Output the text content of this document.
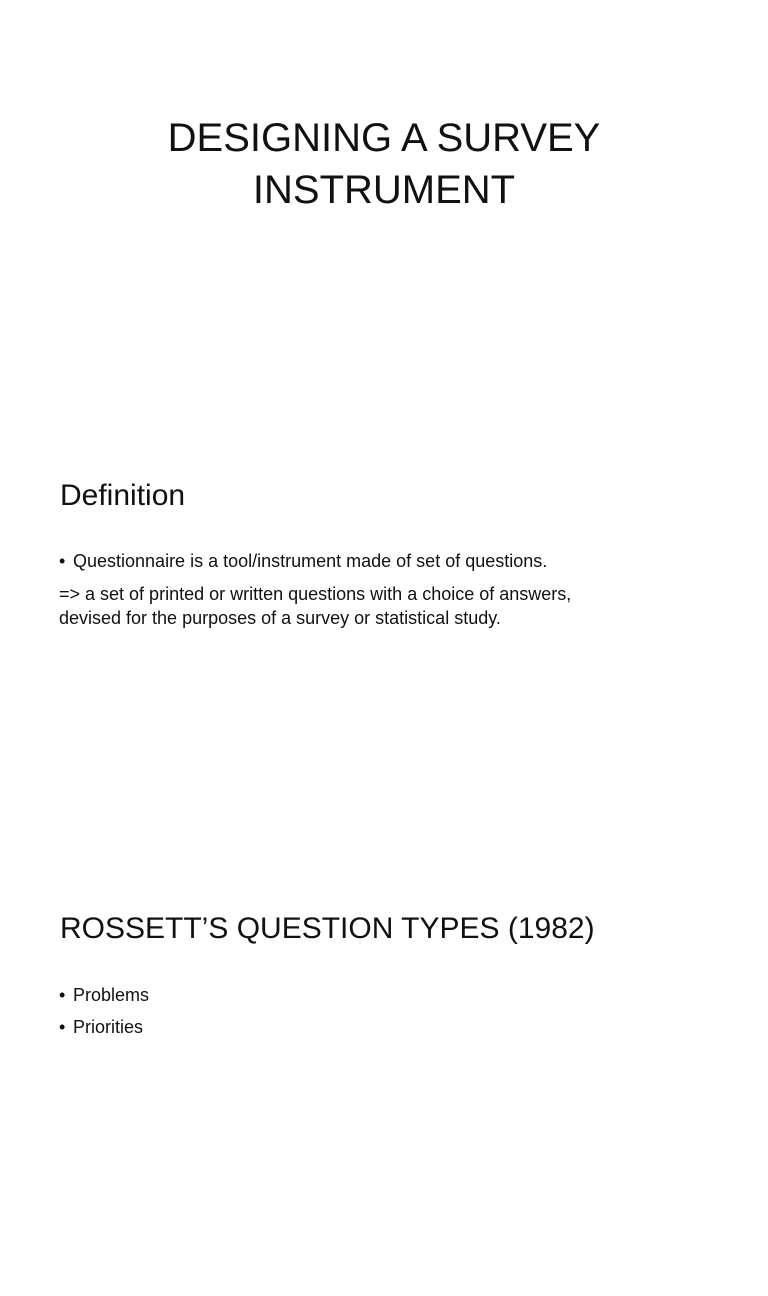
DESIGNING A SURVEY
INSTRUMENT
Definition

• Questionnaire is a tool/instrument made of set of questions.

=> a set of printed or written questions with a choice of answers,
devised for the purposes of a survey or statistical study.

ROSSETT’S QUESTION TYPES (1982)

• Problems

• Priorities
